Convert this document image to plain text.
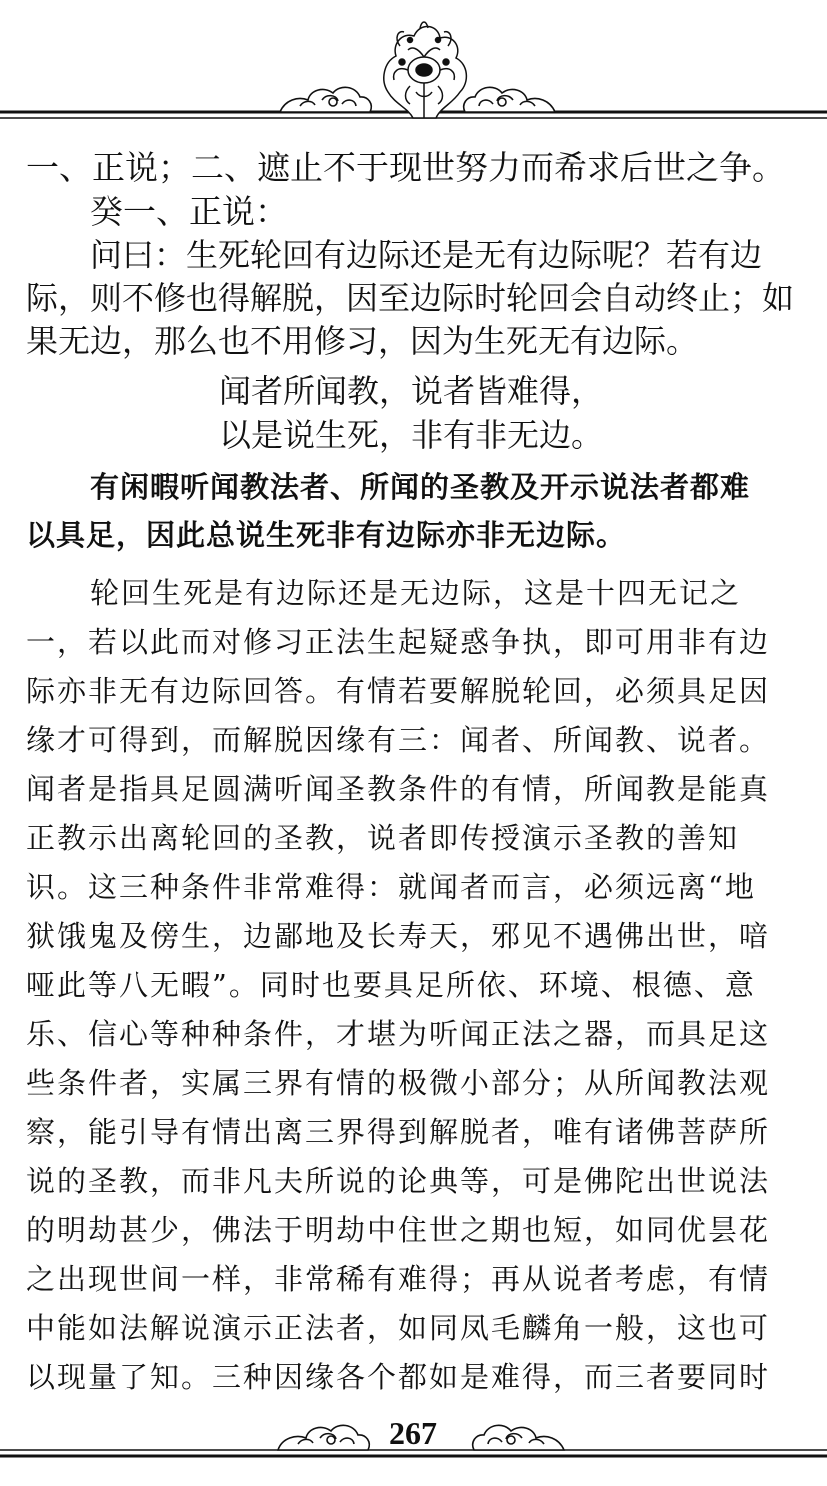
一、正说；二、遮止不于现世努力而希求后世之争。
癸一、正说：
问曰：生死轮回有边际还是无有边际呢？若有边
际，则不修也得解脱，因至边际时轮回会自动终止；如
果无边，那么也不用修习，因为生死无有边际。
闻者所闻教，说者皆难得，
以是说生死，非有非无边。
有闲暇听闻教法者、所闻的圣教及开示说法者都难
以具足，因此总说生死非有边际亦非无边际。
轮回生死是有边际还是无边际，这是十四无记之
一，若以此而对修习正法生起疑惑争执，即可用非有边
际亦非无有边际回答。有情若要解脱轮回，必须具足因
缘才可得到，而解脱因缘有三：闻者、所闻教、说者。
闻者是指具足圆满听闻圣教条件的有情，所闻教是能真
正教示出离轮回的圣教，说者即传授演示圣教的善知
识。这三种条件非常难得：就闻者而言，必须远离“地
狱饿鬼及傍生，边鄙地及长寿天，邪见不遇佛出世，喑
哑此等八无暇”。同时也要具足所依、环境、根德、意
乐、信心等种种条件，才堪为听闻正法之器，而具足这
些条件者，实属三界有情的极微小部分；从所闻教法观
察，能引导有情出离三界得到解脱者，唯有诸佛菩萨所
说的圣教，而非凡夫所说的论典等，可是佛陀出世说法
的明劫甚少，佛法于明劫中住世之期也短，如同优昙花
之出现世间一样，非常稀有难得；再从说者考虑，有情
中能如法解说演示正法者，如同凤毛麟角一般，这也可
以现量了知。三种因缘各个都如是难得，而三者要同时
267
